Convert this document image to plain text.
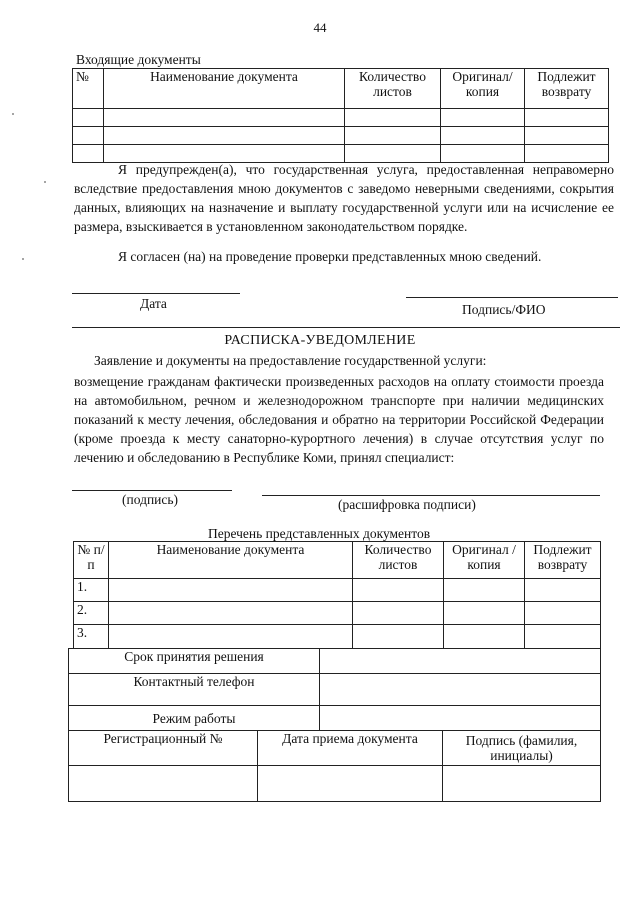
44
Входящие документы
№	Наименование документа	Количество листов	Оригинал/ копия	Подлежит возврату

Я предупрежден(а), что государственная услуга, предоставленная неправомерно вследствие предоставления мною документов с заведомо неверными сведениями, сокрытия данных, влияющих на назначение и выплату государственной услуги или на исчисление ее размера, взыскивается в установленном законодательством порядке.
Я согласен (на) на проведение проверки представленных мною сведений.
Дата	Подпись/ФИО
РАСПИСКА-УВЕДОМЛЕНИЕ
Заявление и документы на предоставление государственной услуги:
возмещение гражданам фактически произведенных расходов на оплату стоимости проезда на автомобильном, речном и железнодорожном транспорте при наличии медицинских показаний к месту лечения, обследования и обратно на территории Российской Федерации (кроме проезда к месту санаторно-курортного лечения) в случае отсутствия услуг по лечению и обследованию в Республике Коми, принял специалист:
(подпись)	(расшифровка подписи)
Перечень представленных документов
№ п/п	Наименование документа	Количество листов	Оригинал /копия	Подлежит возврату
1.				
2.				
3.				
Срок принятия решения	
Контактный телефон	
Режим работы	
Регистрационный №	Дата приема документа	Подпись (фамилия, инициалы)
